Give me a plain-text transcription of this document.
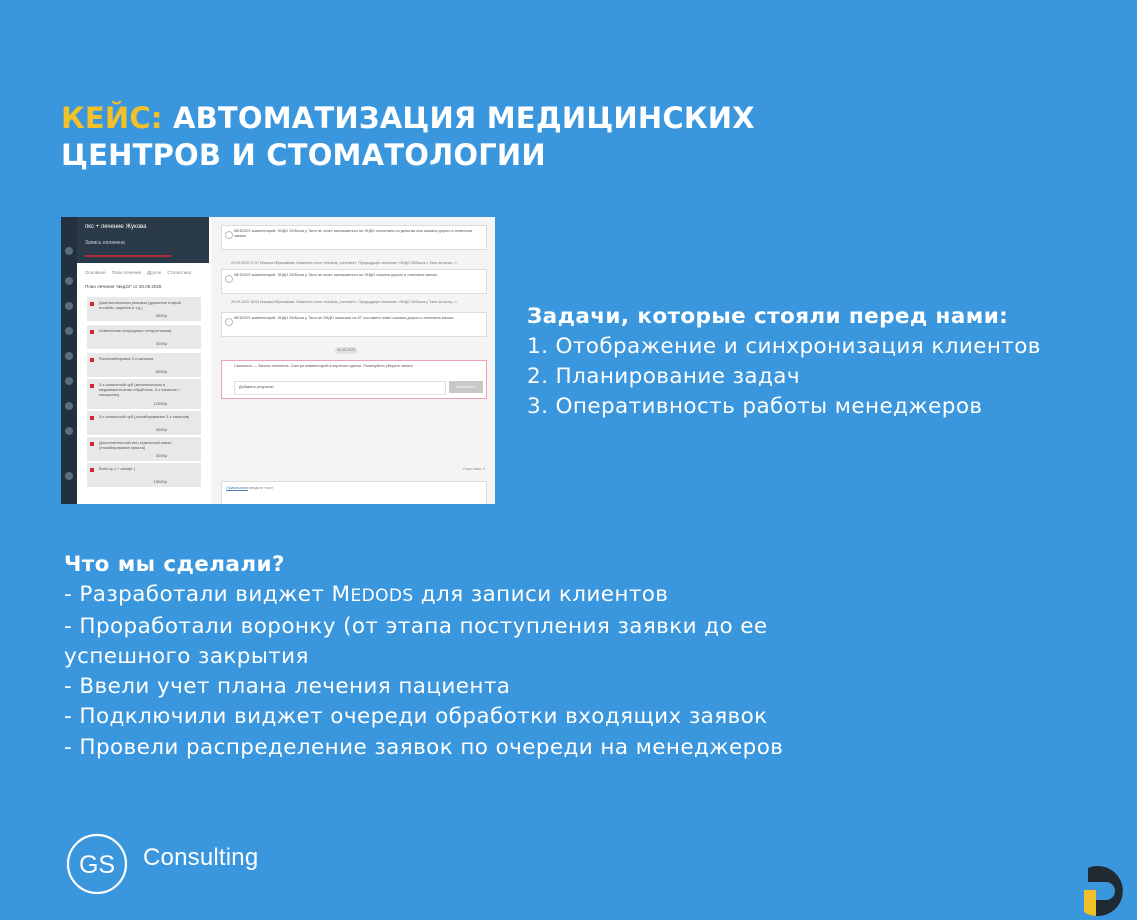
КЕЙС: АВТОМАТИЗАЦИЯ МЕДИЦИНСКИХ
ЦЕНТРОВ И СТОМАТОЛОГИИ
пкс + лечение Жукова
Запись оплачена
Основное План лечения Другое Статистика
План лечения "мед24" от 29.09.2020
Диагностическая ревизия (удаление старой пломбы, кариеса и т.д.)
5500р
Извлечение инородного тела(отломка)
5000р
Распломбировка 3-х каналов
6000р
3-х канальный зуб (механическая и медикаментозная обработка, 3-х каналов + лекарство)
12000р
3-х канальный зуб (пломбирование 3-х каналов)
9000р
Дополнительный или отдельный канал (пломбирование канала)
3000р
Build up ( + штифт )
15000р
MEDODS комментарий: ЭНДО 26/Была у Таня не хочет записываться на ЭНДО посчитали по деньгам она сказала дорого и отменила запись
29.09.2020 17:57 Инжира Ибрагимова: Изменено поле «medods_comment». Предыдущее значение «ЭНДО 26/Была у Таня на консу...»
MEDODS комментарий: ЭНДО 26/Была у Таня не хочет записываться на ЭНДО сказала дорого и отменила запись
29.09.2020 18:03 Инжира Ибрагимова: Изменено поле «medods_comment». Предыдущее значение «ЭНДО 26/Была у Таня на консу...»
MEDODS комментарий: ЭНДО 26/Была у Таня на ЭНДО записали на КТ составить план/ сказала дорого и отменила запись
30.09.2020
Связаться — Запись отменена. Смотри комментарий в карточке сделки. Пожалуйста уберите запись
Добавить результат	Выполнить
Участники: 0
Примечание введите текст
Задачи, которые стояли перед нами:
1. Отображение и синхронизация клиентов
2. Планирование задач
3. Оперативность работы менеджеров
Что мы сделали?
- Разработали виджет МEDODS для записи клиентов
- Проработали воронку (от этапа поступления заявки до ее
успешного закрытия
- Ввели учет плана лечения пациента
- Подключили виджет очереди обработки входящих заявок
- Провели распределение заявок по очереди на менеджеров
GS Consulting
